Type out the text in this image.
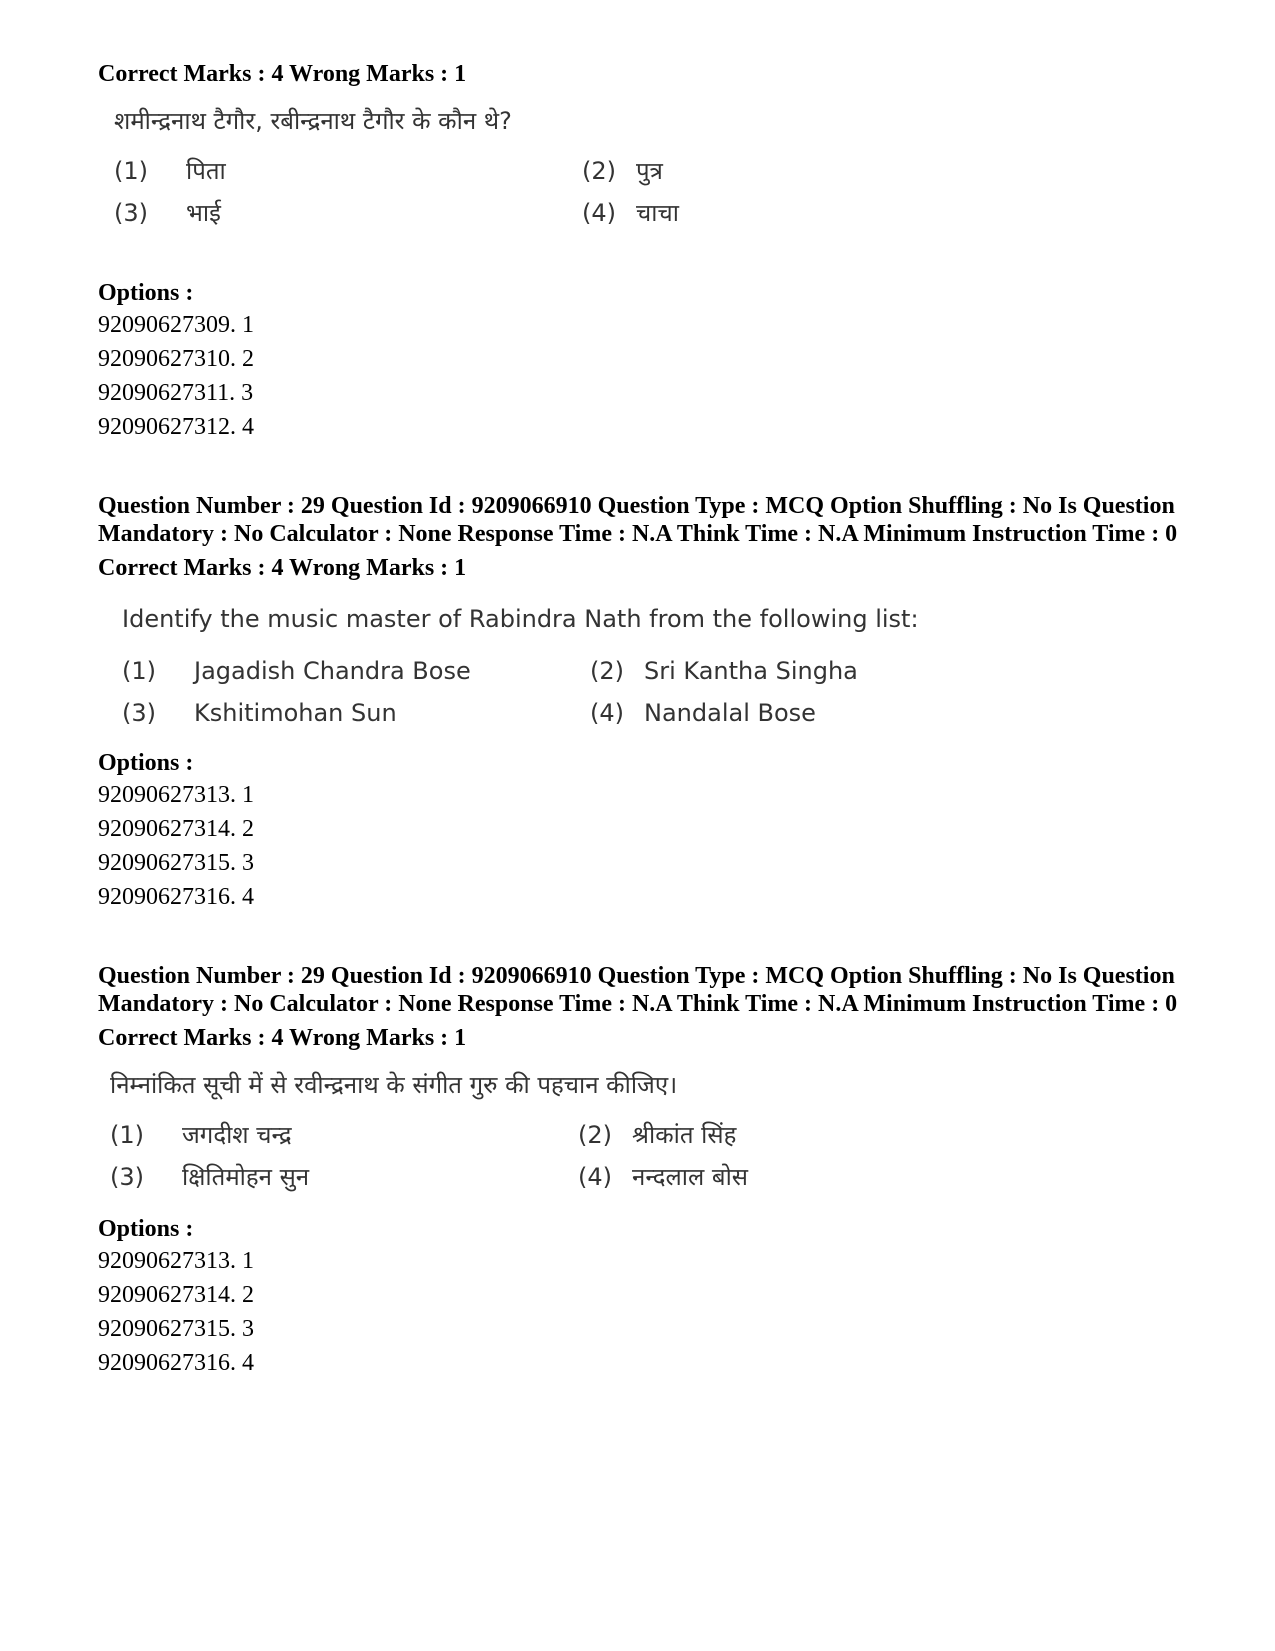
Correct Marks : 4 Wrong Marks : 1

शमीन्द्रनाथ टैगौर, रबीन्द्रनाथ टैगौर के कौन थे?

(1)	पिता	(2) पुत्र
(3)	भाई	(4) चाचा

Options :

92090627309. 1

92090627310. 2

92090627311. 3

92090627312. 4

Question Number : 29 Question Id : 9209066910 Question Type : MCQ Option Shuffling : No Is Question Mandatory : No Calculator : None Response Time : N.A Think Time : N.A Minimum Instruction Time : 0

Correct Marks : 4 Wrong Marks : 1

Identify the music master of Rabindra Nath from the following list:

(1)	Jagadish Chandra Bose	(2) Sri Kantha Singha
(3)	Kshitimohan Sun	(4) Nandalal Bose

Options :

92090627313. 1

92090627314. 2

92090627315. 3

92090627316. 4

Question Number : 29 Question Id : 9209066910 Question Type : MCQ Option Shuffling : No Is Question Mandatory : No Calculator : None Response Time : N.A Think Time : N.A Minimum Instruction Time : 0

Correct Marks : 4 Wrong Marks : 1

निम्नांकित सूची में से रवीन्द्रनाथ के संगीत गुरु की पहचान कीजिए।

(1)	जगदीश चन्द्र	(2) श्रीकांत सिंह
(3)	क्षितिमोहन सुन	(4) नन्दलाल बोस

Options :

92090627313. 1

92090627314. 2

92090627315. 3

92090627316. 4
